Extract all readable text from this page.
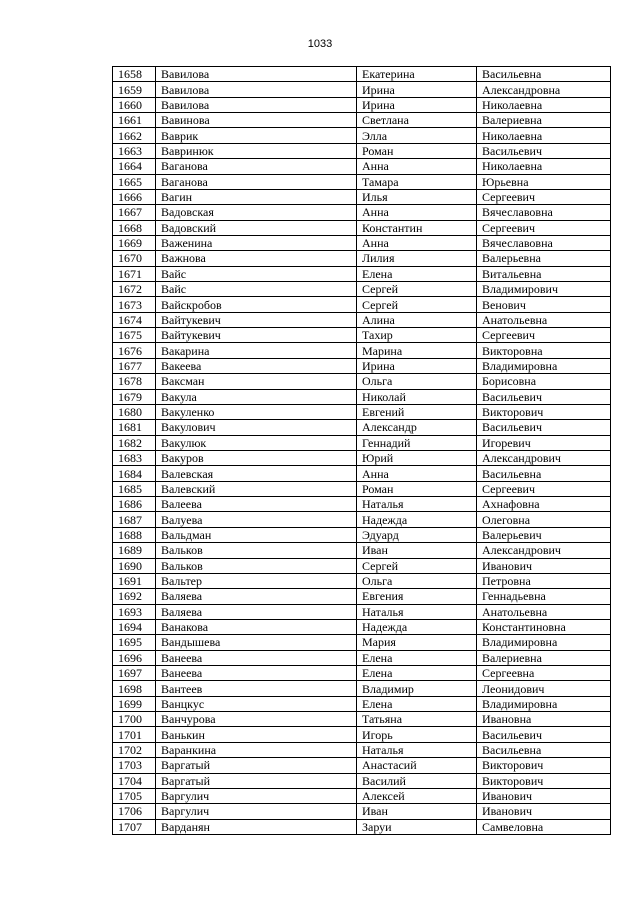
1033
1658	Вавилова	Екатерина	Васильевна
1659	Вавилова	Ирина	Александровна
1660	Вавилова	Ирина	Николаевна
1661	Вавинова	Светлана	Валериевна
1662	Ваврик	Элла	Николаевна
1663	Вавринюк	Роман	Васильевич
1664	Ваганова	Анна	Николаевна
1665	Ваганова	Тамара	Юрьевна
1666	Вагин	Илья	Сергеевич
1667	Вадовская	Анна	Вячеславовна
1668	Вадовский	Константин	Сергеевич
1669	Важенина	Анна	Вячеславовна
1670	Важнова	Лилия	Валерьевна
1671	Вайс	Елена	Витальевна
1672	Вайс	Сергей	Владимирович
1673	Вайскробов	Сергей	Венович
1674	Вайтукевич	Алина	Анатольевна
1675	Вайтукевич	Тахир	Сергеевич
1676	Вакарина	Марина	Викторовна
1677	Вакеева	Ирина	Владимировна
1678	Ваксман	Ольга	Борисовна
1679	Вакула	Николай	Васильевич
1680	Вакуленко	Евгений	Викторович
1681	Вакулович	Александр	Васильевич
1682	Вакулюк	Геннадий	Игоревич
1683	Вакуров	Юрий	Александрович
1684	Валевская	Анна	Васильевна
1685	Валевский	Роман	Сергеевич
1686	Валеева	Наталья	Ахнафовна
1687	Валуева	Надежда	Олеговна
1688	Вальдман	Эдуард	Валерьевич
1689	Вальков	Иван	Александрович
1690	Вальков	Сергей	Иванович
1691	Вальтер	Ольга	Петровна
1692	Валяева	Евгения	Геннадьевна
1693	Валяева	Наталья	Анатольевна
1694	Ванакова	Надежда	Константиновна
1695	Вандышева	Мария	Владимировна
1696	Ванеева	Елена	Валериевна
1697	Ванеева	Елена	Сергеевна
1698	Вантеев	Владимир	Леонидович
1699	Ванцкус	Елена	Владимировна
1700	Ванчурова	Татьяна	Ивановна
1701	Ванькин	Игорь	Васильевич
1702	Варанкина	Наталья	Васильевна
1703	Варгатый	Анастасий	Викторович
1704	Варгатый	Василий	Викторович
1705	Варгулич	Алексей	Иванович
1706	Варгулич	Иван	Иванович
1707	Варданян	Заруи	Самвеловна
